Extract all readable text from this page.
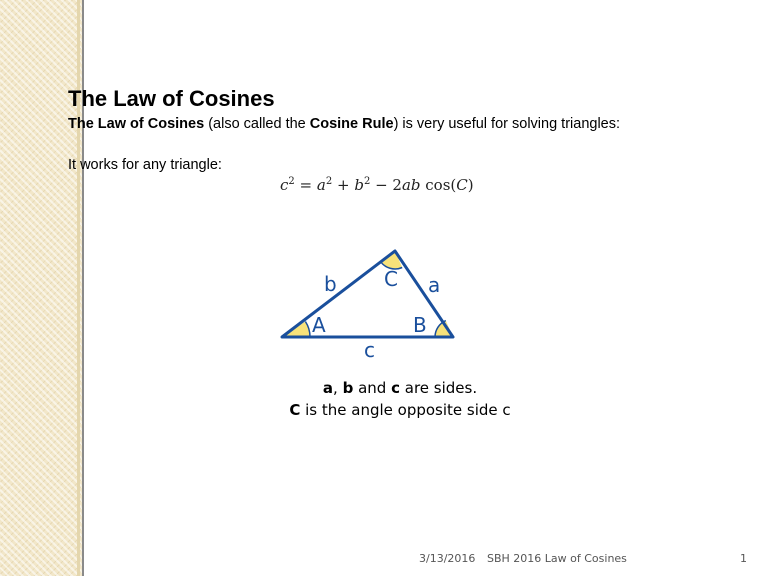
The Law of Cosines

The Law of Cosines (also called the Cosine Rule) is very useful for solving triangles:

It works for any triangle:

$c^2 = a^2 + b^2 - 2ab$ cos(C)
b C a
A	B
c

a, b and c are sides.

C is the angle opposite side c

3/13/2016 SBH 2016 Law of Cosines	1
